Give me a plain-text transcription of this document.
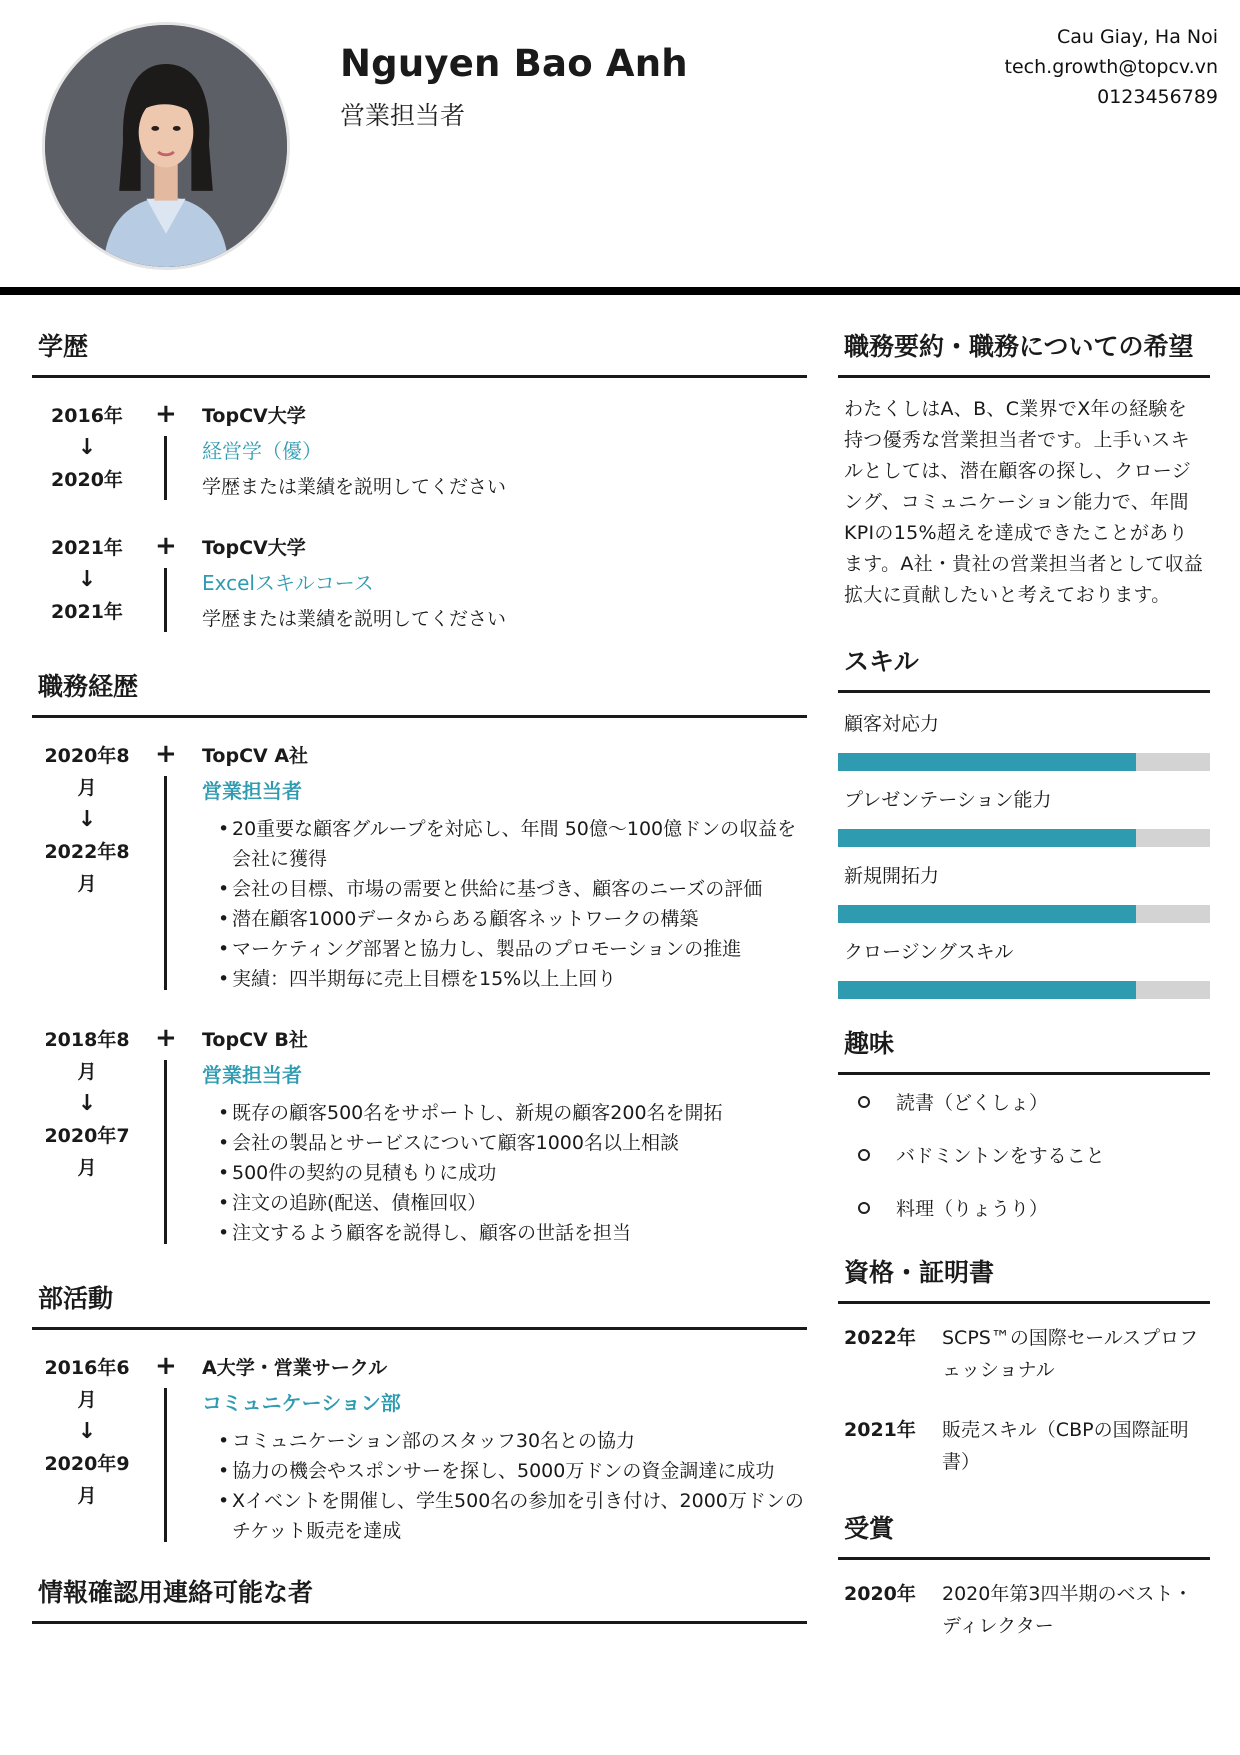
Nguyen Bao Anh
営業担当者
Cau Giay, Ha Noi
tech.growth@topcv.vn
0123456789
学歴
2016年
↓
2020年
+ TopCV大学
経営学（優）
学歴または業績を説明してください
2021年
↓
2021年
+ TopCV大学
Excelスキルコース
学歴または業績を説明してください
職務経歴
2020年8
月
↓
2022年8
月
+ TopCV A社
営業担当者
• 20重要な顧客グループを対応し、年間 50億～100億ドンの収益を会社に獲得
• 会社の目標、市場の需要と供給に基づき、顧客のニーズの評価
• 潜在顧客1000データからある顧客ネットワークの構築
• マーケティング部署と協力し、製品のプロモーションの推進
• 実績：四半期毎に売上目標を15%以上上回り
2018年8
月
↓
2020年7
月
+ TopCV B社
営業担当者
• 既存の顧客500名をサポートし、新規の顧客200名を開拓
• 会社の製品とサービスについて顧客1000名以上相談
• 500件の契約の見積もりに成功
• 注文の追跡(配送、債権回収）
• 注文するよう顧客を説得し、顧客の世話を担当
部活動
2016年6
月
↓
2020年9
月
+ A大学・営業サークル
コミュニケーション部
• コミュニケーション部のスタッフ30名との協力
• 協力の機会やスポンサーを探し、5000万ドンの資金調達に成功
• Xイベントを開催し、学生500名の参加を引き付け、2000万ドンのチケット販売を達成
情報確認用連絡可能な者
職務要約・職務についての希望
わたくしはA、B、C業界でX年の経験を持つ優秀な営業担当者です。上手いスキルとしては、潜在顧客の探し、クロージング、コミュニケーション能力で、年間KPIの15%超えを達成できたことがあります。A社・貴社の営業担当者として収益拡大に貢献したいと考えております。
スキル
顧客対応力
プレゼンテーション能力
新規開拓力
クロージングスキル
趣味
読書（どくしょ）
バドミントンをすること
料理（りょうり）
資格・証明書
2022年	SCPS™の国際セールスプロフェッショナル
2021年	販売スキル（CBPの国際証明書）
受賞
2020年	2020年第3四半期のベスト・ディレクター
